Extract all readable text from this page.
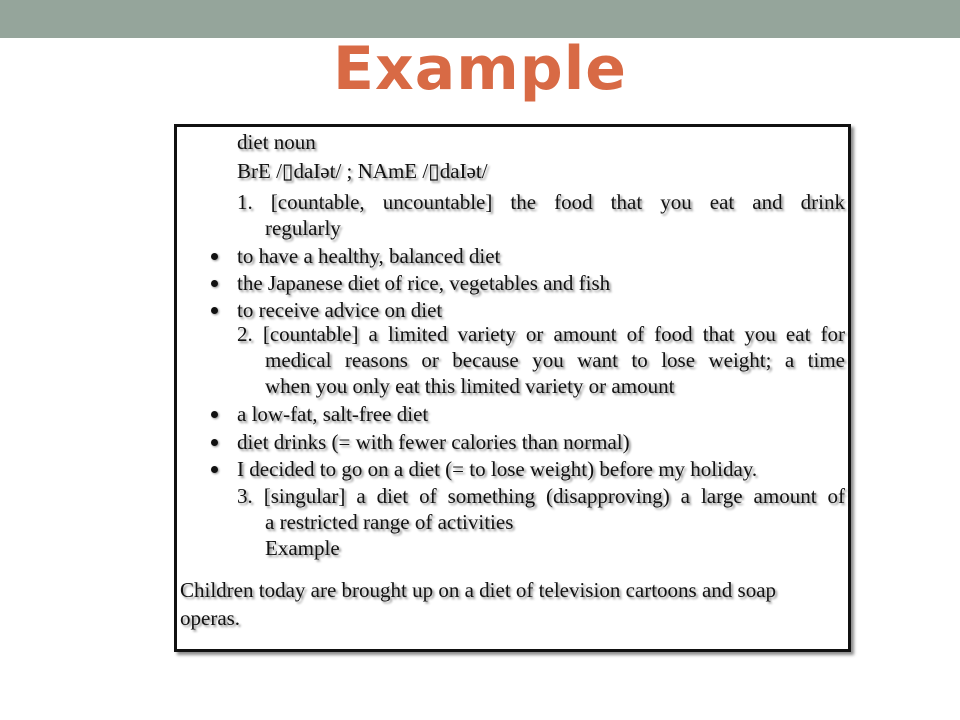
Example

diet noun

BrE /▯daIət/ ; NAmE /▯daIət/

1. [countable, uncountable] the food that you eat and drink

regularly

to have a healthy, balanced diet

the Japanese diet of rice, vegetables and fish

to receive advice on diet

2. [countable] a limited variety or amount of food that you eat for

medical reasons or because you want to lose weight; a time

when you only eat this limited variety or amount

a low-fat, salt-free diet

diet drinks (= with fewer calories than normal)

I decided to go on a diet (= to lose weight) before my holiday.

3. [singular] a diet of something (disapproving) a large amount of

a restricted range of activities

Example

Children today are brought up on a diet of television cartoons and soap

operas.
